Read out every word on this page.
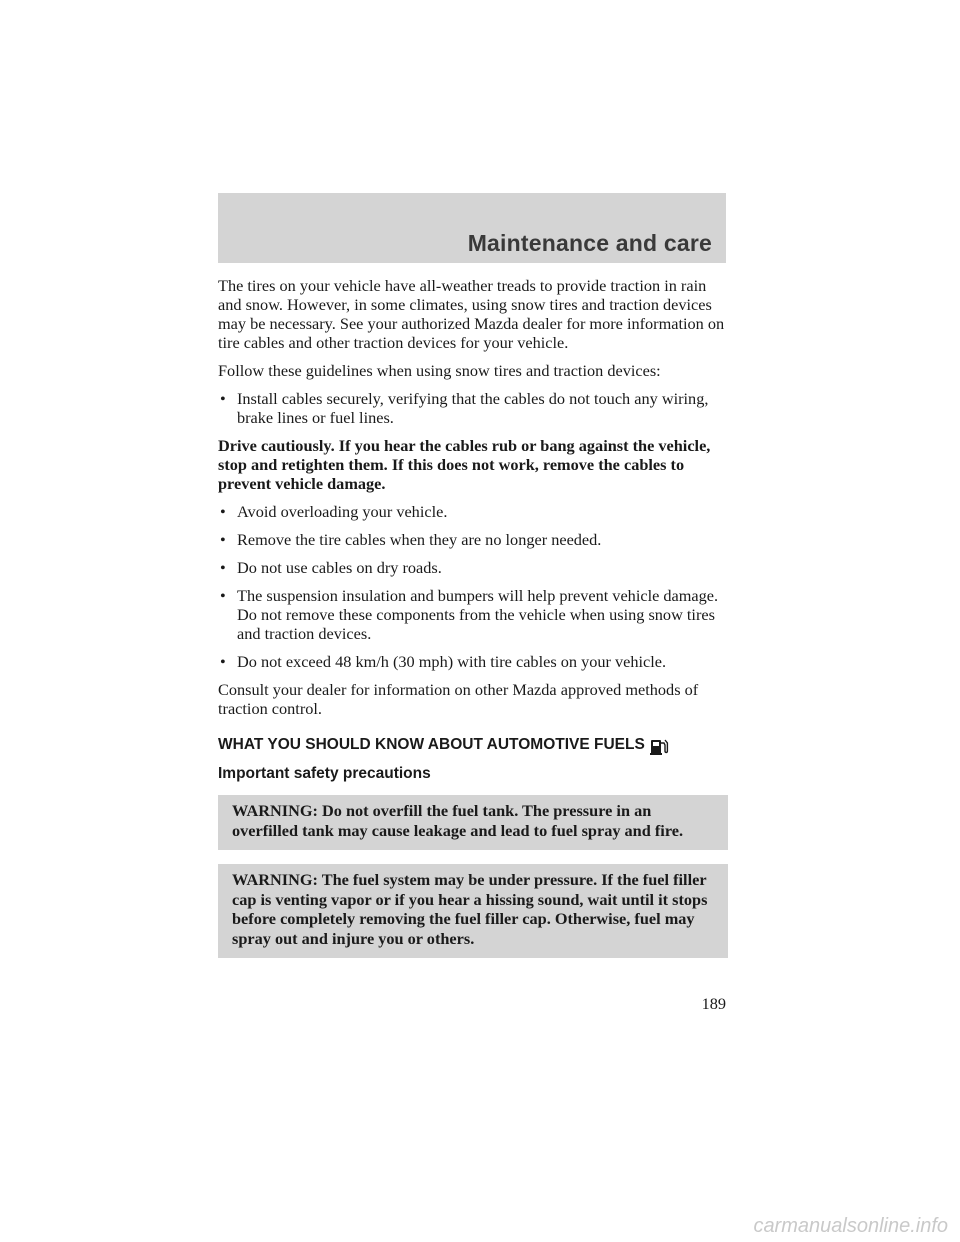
Maintenance and care

The tires on your vehicle have all-weather treads to provide traction in rain and snow. However, in some climates, using snow tires and traction devices may be necessary. See your authorized Mazda dealer for more information on tire cables and other traction devices for your vehicle.

Follow these guidelines when using snow tires and traction devices:

• Install cables securely, verifying that the cables do not touch any wiring, brake lines or fuel lines.

Drive cautiously. If you hear the cables rub or bang against the vehicle, stop and retighten them. If this does not work, remove the cables to prevent vehicle damage.

• Avoid overloading your vehicle.
• Remove the tire cables when they are no longer needed.
• Do not use cables on dry roads.
• The suspension insulation and bumpers will help prevent vehicle damage. Do not remove these components from the vehicle when using snow tires and traction devices.
• Do not exceed 48 km/h (30 mph) with tire cables on your vehicle.

Consult your dealer for information on other Mazda approved methods of traction control.

WHAT YOU SHOULD KNOW ABOUT AUTOMOTIVE FUELS
Important safety precautions
WARNING: Do not overfill the fuel tank. The pressure in an overfilled tank may cause leakage and lead to fuel spray and fire.
WARNING: The fuel system may be under pressure. If the fuel filler cap is venting vapor or if you hear a hissing sound, wait until it stops before completely removing the fuel filler cap. Otherwise, fuel may spray out and injure you or others.
189
carmanualsonline.info
